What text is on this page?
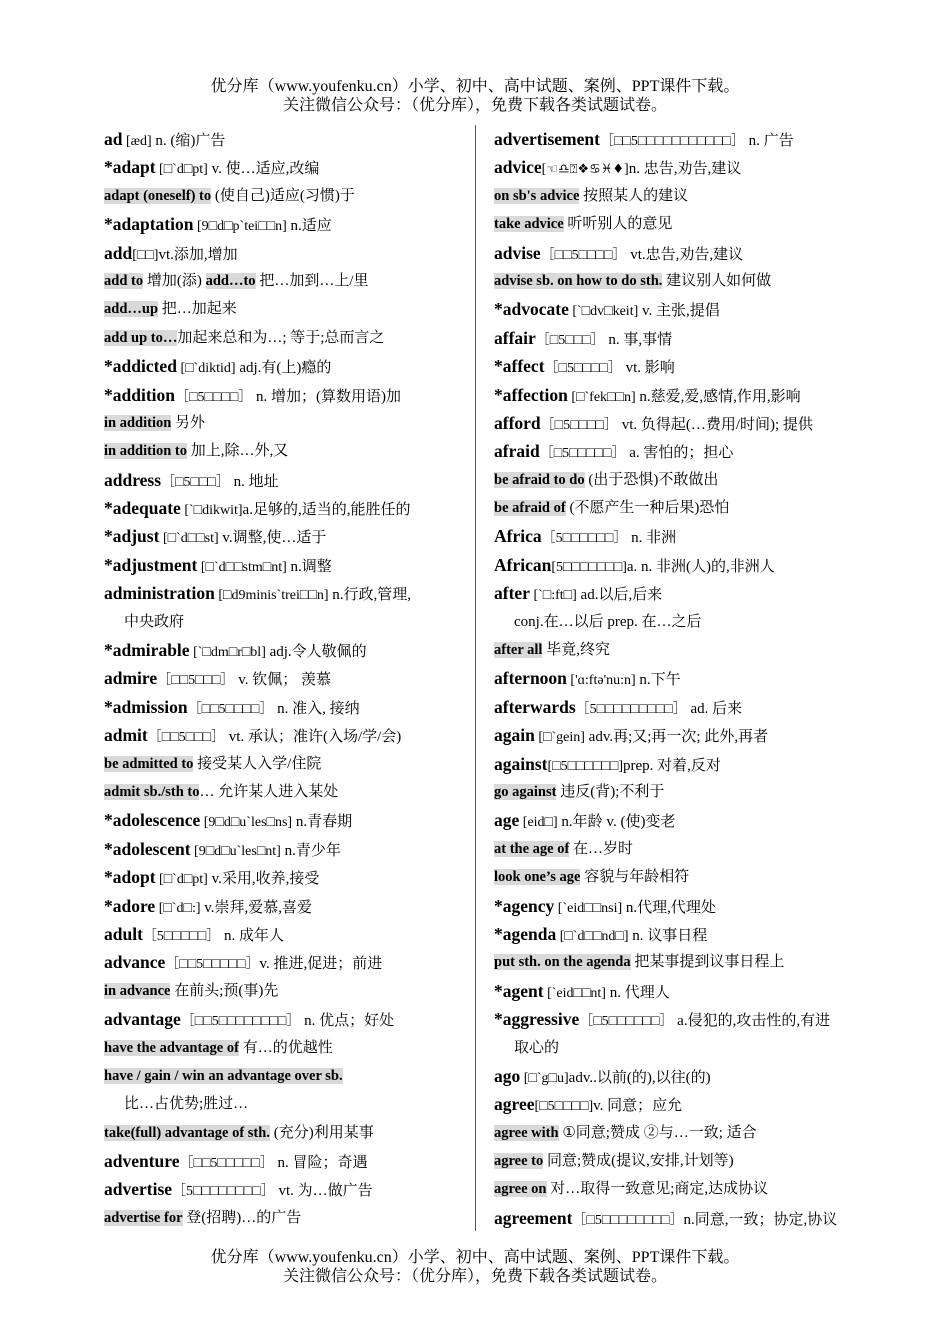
优分库（www.youfenku.cn）小学、初中、高中试题、案例、PPT课件下载。
关注微信公众号：（优分库），免费下载各类试题试卷。
ad [æd] n. (缩)广告
*adapt [□`d□pt] v. 使…适应,改编
adapt (oneself) to (使自己)适应(习惯)于
*adaptation [9□d□p`tei□□n] n.适应
add[□□]vt.添加,增加
add to 增加(添) add…to 把…加到…上/里
add…up 把…加起来
add up to…加起来总和为…; 等于;总而言之
*addicted [□`diktid] adj.有(上)瘾的
*addition［□5□□□□］ n. 增加；(算数用语)加
in addition 另外
in addition to 加上,除…外,又
address［□5□□□］ n. 地址
*adequate [`□dikwit]a.足够的,适当的,能胜任的
*adjust [□`d□□st] v.调整,使…适于
*adjustment [□`d□□stm□nt] n.调整
administration [□d9minis`trei□□n] n.行政,管理,
中央政府
*admirable [`□dm□r□bl] adj.令人敬佩的
admire［□□5□□□］ v. 钦佩； 羡慕
*admission［□□5□□□□］ n. 准入, 接纳
admit［□□5□□□］ vt. 承认；准许(入场/学/会)
be admitted to 接受某人入学/住院
admit sb./sth to… 允许某人进入某处
*adolescence [9□d□u`les□ns] n.青春期
*adolescent [9□d□u`les□nt] n.青少年
*adopt [□`d□pt] v.采用,收养,接受
*adore [□`d□:] v.崇拜,爱慕,喜爱
adult［5□□□□□］ n. 成年人
advance［□□5□□□□□］v. 推进,促进；前进
in advance 在前头;预(事)先
advantage［□□5□□□□□□□□］ n. 优点；好处
have the advantage of 有…的优越性
have / gain / win an advantage over sb.
比…占优势;胜过…
take(full) advantage of sth. (充分)利用某事
adventure［□□5□□□□□］ n. 冒险；奇遇
advertise［5□□□□□□□□］ vt. 为…做广告
advertise for 登(招聘)…的广告
advertisement［□□5□□□□□□□□□□□］ n. 广告
advice[☜♎⍰❖♋♓♦]n. 忠告,劝告,建议
on sb's advice 按照某人的建议
take advice 听听别人的意见
advise［□□5□□□□］ vt.忠告,劝告,建议
advise sb. on how to do sth. 建议别人如何做
*advocate [`□dv□keit] v. 主张,提倡
affair［□5□□□］ n. 事,事情
*affect［□5□□□□］ vt. 影响
*affection [□`fek□□n] n.慈爱,爱,感情,作用,影响
afford［□5□□□□］ vt. 负得起(…费用/时间); 提供
afraid［□5□□□□□］ a. 害怕的；担心
be afraid to do (出于恐惧)不敢做出
be afraid of (不愿产生一种后果)恐怕
Africa［5□□□□□□］ n. 非洲
African[5□□□□□□□]a. n. 非洲(人)的,非洲人
after [`□:ft□] ad.以后,后来
conj.在…以后 prep. 在…之后
after all 毕竟,终究
afternoon ['ɑ:ftə'nu:n] n.下午
afterwards［5□□□□□□□□□］ ad. 后来
again [□`gein] adv.再;又;再一次; 此外,再者
against[□5□□□□□□]prep. 对着,反对
go against 违反(背);不利于
age [eid□] n.年龄 v. (使)变老
at the age of 在…岁时
look one’s age 容貌与年龄相符
*agency [`eid□□nsi] n.代理,代理处
*agenda [□`d□□nd□] n. 议事日程
put sth. on the agenda 把某事提到议事日程上
*agent [`eid□□nt] n. 代理人
*aggressive［□5□□□□□□］ a.侵犯的,攻击性的,有进
取心的
ago [□`g□u]adv..以前(的),以往(的)
agree[□5□□□□]v. 同意；应允
agree with ①同意;赞成 ②与…一致; 适合
agree to 同意;赞成(提议,安排,计划等)
agree on 对…取得一致意见;商定,达成协议
agreement［□5□□□□□□□□］n.同意,一致；协定,协议
优分库（www.youfenku.cn）小学、初中、高中试题、案例、PPT课件下载。
关注微信公众号：（优分库），免费下载各类试题试卷。
